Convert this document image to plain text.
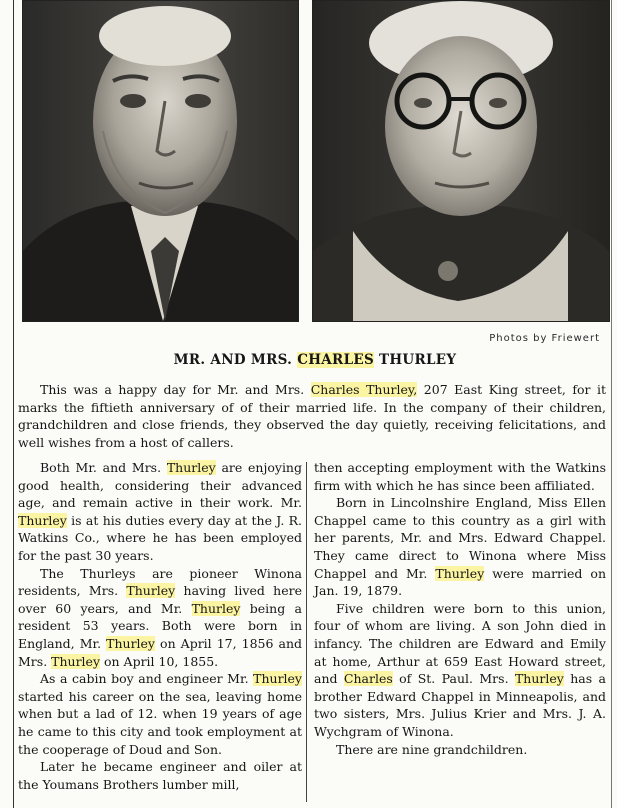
Photos by Friewert
MR. AND MRS. CHARLES THURLEY

This was a happy day for Mr. and Mrs. Charles Thurley, 207 East King street, for it marks the fiftieth anniversary of of their married life. In the company of their children, grandchildren and close friends, they observed the day quietly, receiving felicitations, and well wishes from a host of callers.

Both Mr. and Mrs. Thurley are enjoying good health, considering their advanced age, and remain active in their work. Mr. Thurley is at his duties every day at the J. R. Watkins Co., where he has been employed for the past 30 years.

The Thurleys are pioneer Winona residents, Mrs. Thurley having lived here over 60 years, and Mr. Thurley being a resident 53 years. Both were born in England, Mr. Thurley on April 17, 1856 and Mrs. Thurley on April 10, 1855.

As a cabin boy and engineer Mr. Thurley started his career on the sea, leaving home when but a lad of 12. when 19 years of age he came to this city and took employment at the cooperage of Doud and Son.

Later he became engineer and oiler at the Youmans Brothers lumber mill,

then accepting employment with the Watkins firm with which he has since been affiliated.

Born in Lincolnshire England, Miss Ellen Chappel came to this country as a girl with her parents, Mr. and Mrs. Edward Chappel. They came direct to Winona where Miss Chappel and Mr. Thurley were married on Jan. 19, 1879.

Five children were born to this union, four of whom are living. A son John died in infancy. The children are Edward and Emily at home, Arthur at 659 East Howard street, and Charles of St. Paul. Mrs. Thurley has a brother Edward Chappel in Minneapolis, and two sisters, Mrs. Julius Krier and Mrs. J. A. Wychgram of Winona.

There are nine grandchildren.
